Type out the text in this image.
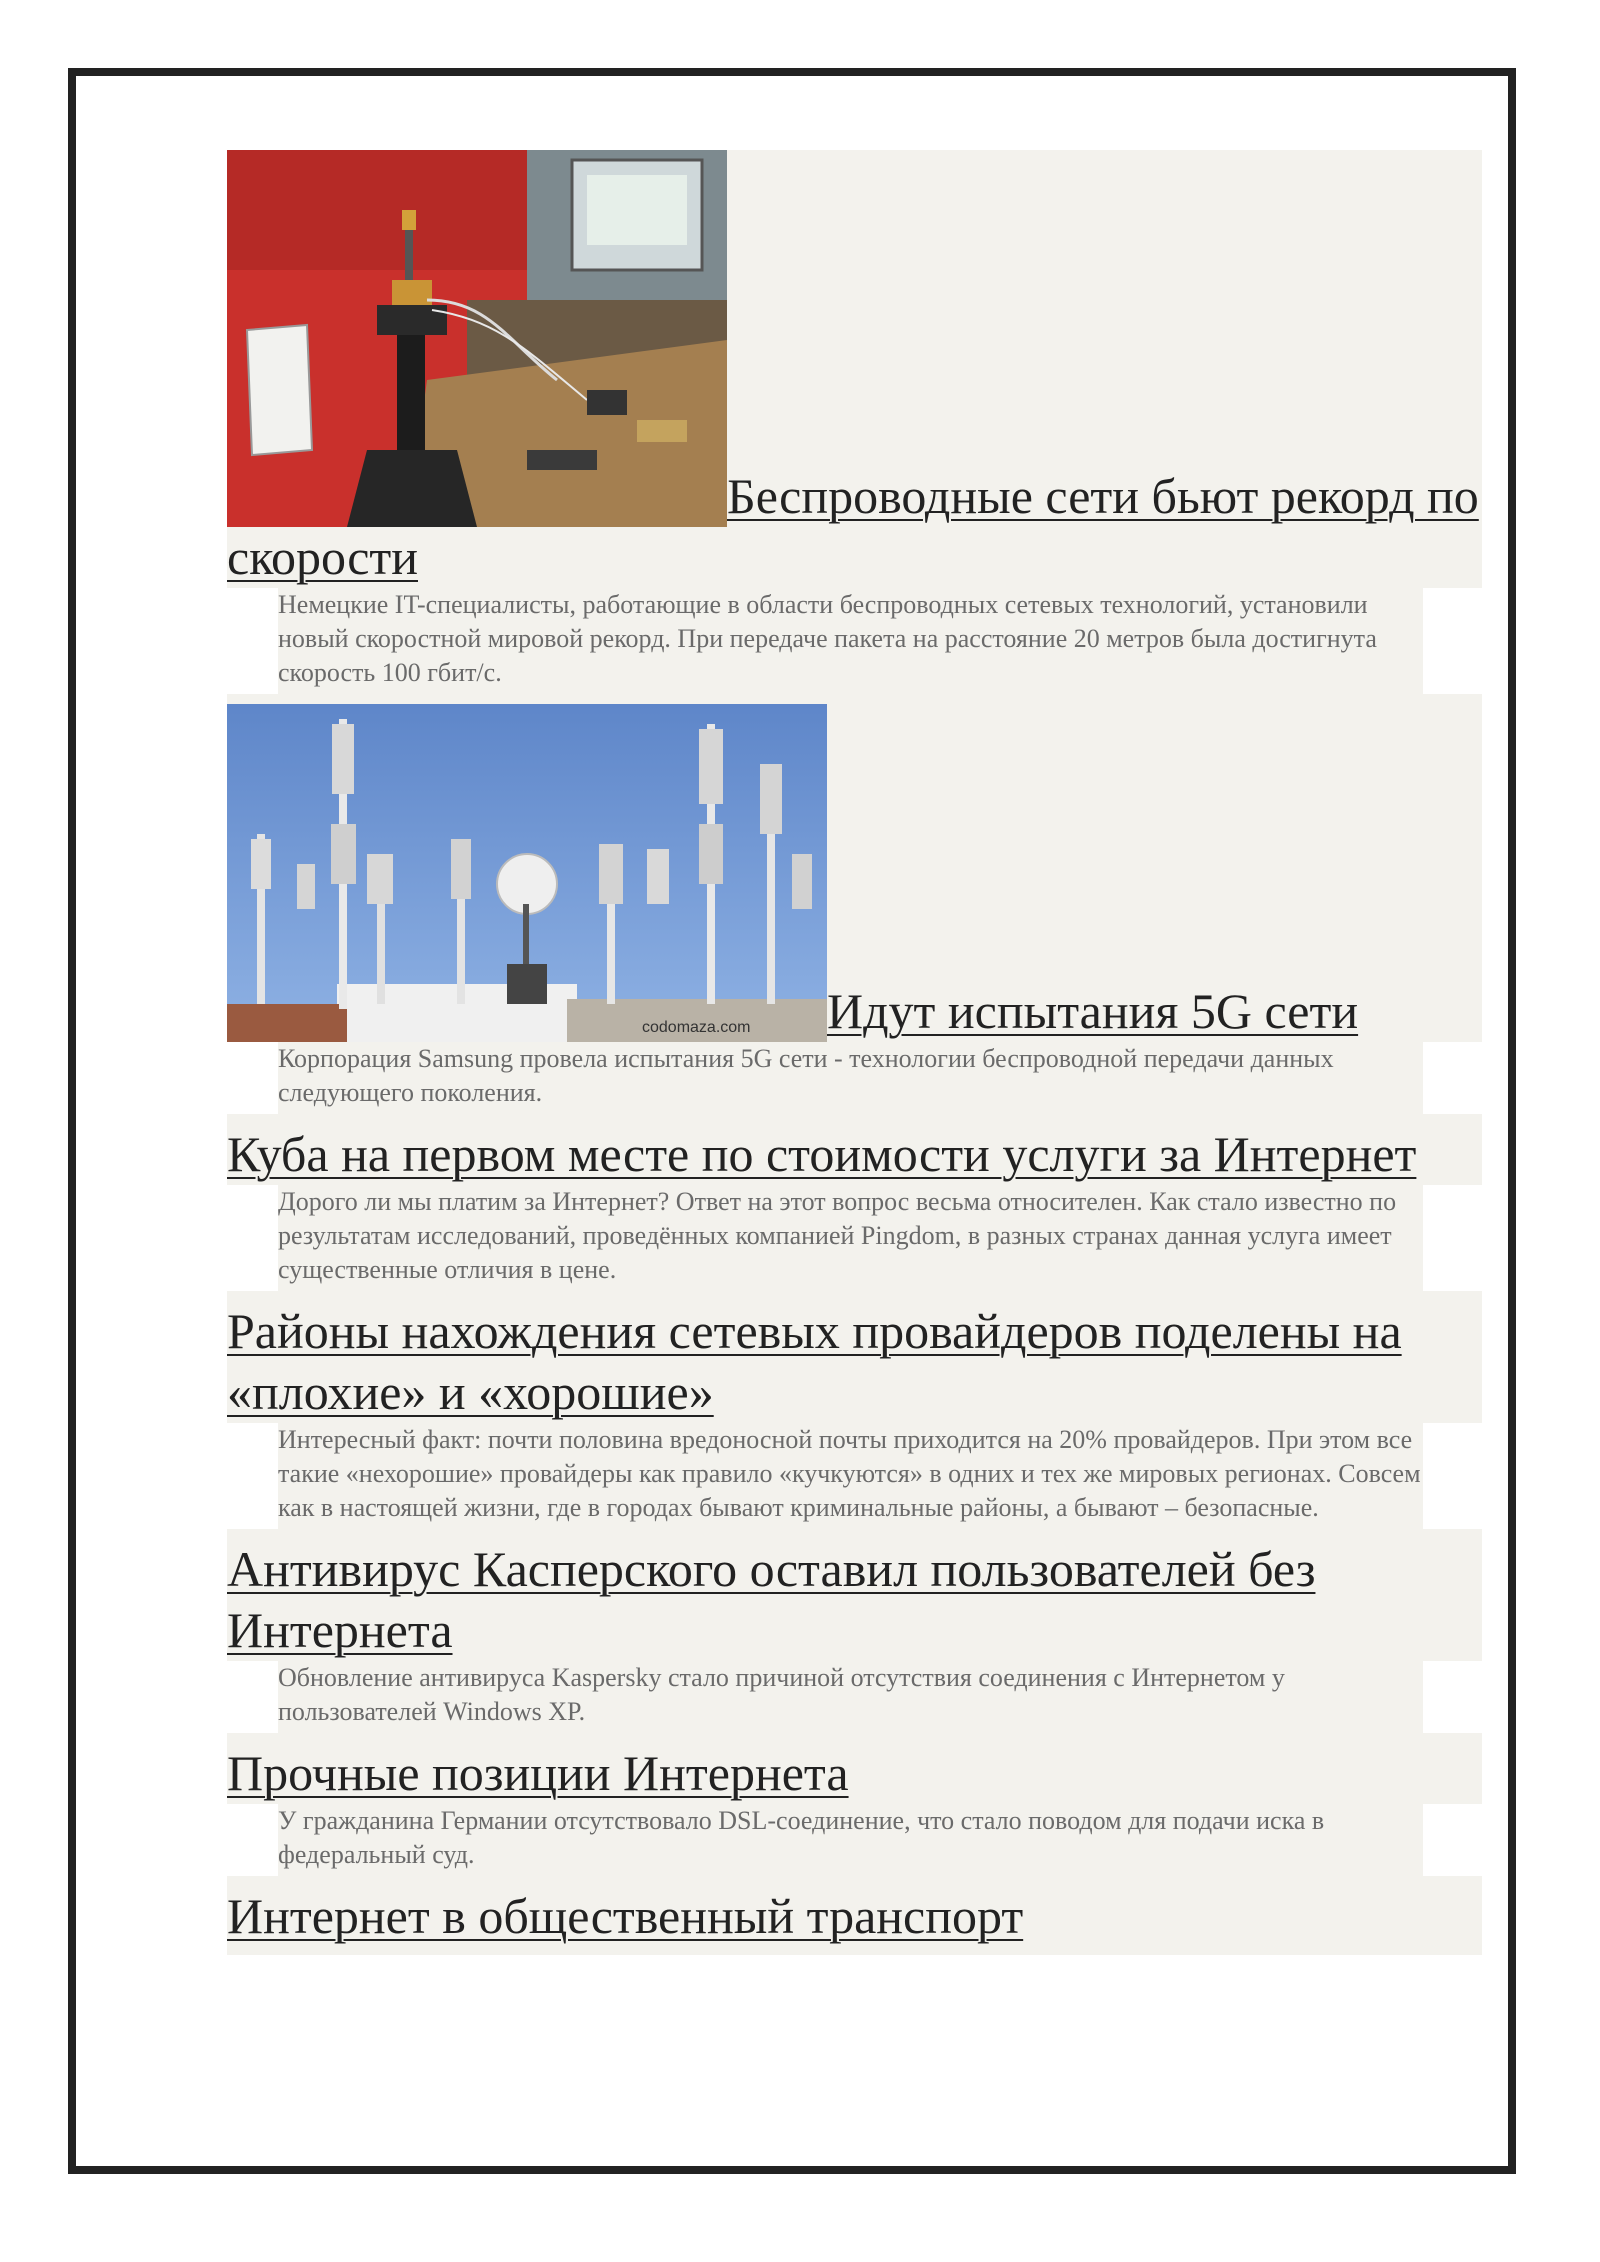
Беспроводные сети бьют рекорд по скорости

Немецкие IT-специалисты, работающие в области беспроводных сетевых технологий, установили новый скоростной мировой рекорд. При передаче пакета на расстояние 20 метров была достигнута скорость 100 гбит/с.

codomaza.com Идут испытания 5G сети

Корпорация Samsung провела испытания 5G сети - технологии беспроводной передачи данных следующего поколения.

Куба на первом месте по стоимости услуги за Интернет

Дорого ли мы платим за Интернет? Ответ на этот вопрос весьма относителен. Как стало известно по результатам исследований, проведённых компанией Pingdom, в разных странах данная услуга имеет существенные отличия в цене.

Районы нахождения сетевых провайдеров поделены на «плохие» и «хорошие»

Интересный факт: почти половина вредоносной почты приходится на 20% провайдеров. При этом все такие «нехорошие» провайдеры как правило «кучкуются» в одних и тех же мировых регионах. Совсем как в настоящей жизни, где в городах бывают криминальные районы, а бывают – безопасные.

Антивирус Касперского оставил пользователей без Интернета

Обновление антивируса Kaspersky стало причиной отсутствия соединения с Интернетом у пользователей Windows XP.

Прочные позиции Интернета

У гражданина Германии отсутствовало DSL-соединение, что стало поводом для подачи иска в федеральный суд.

Интернет в общественный транспорт
